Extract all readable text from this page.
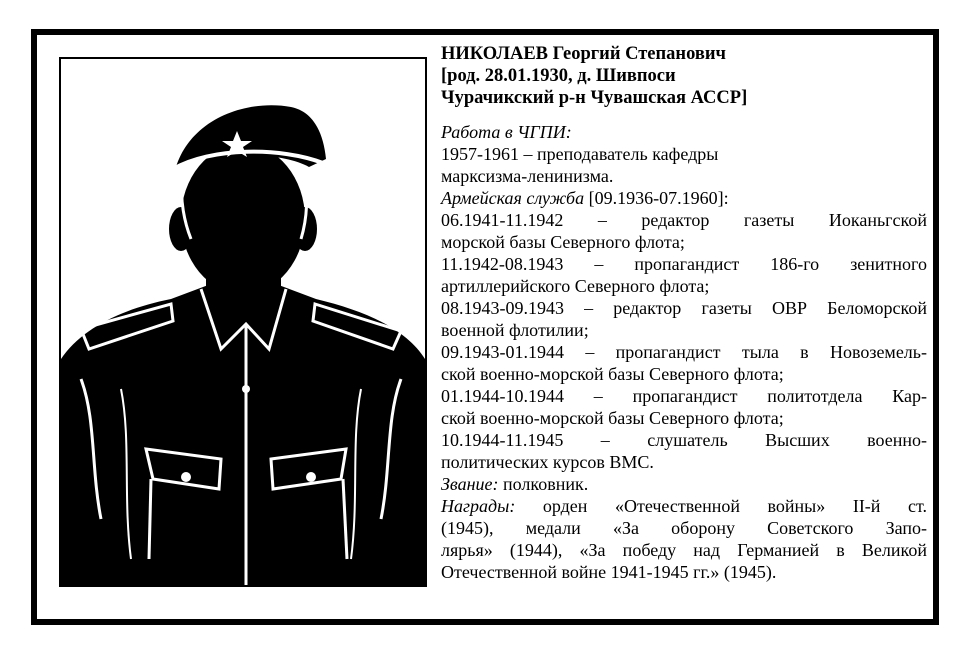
НИКОЛАЕВ Георгий Степанович

[род. 28.01.1930, д. Шивпоси

Чурачикский р-н Чувашская АССР]

Работа в ЧГПИ:

1957-1961 – преподаватель кафедры

марксизма-ленинизма.

Армейская служба [09.1936-07.1960]:

06.1941-11.1942 – редактор газеты Иоканьгской

морской базы Северного флота;

11.1942-08.1943 – пропагандист 186-го зенитного

артиллерийского Северного флота;

08.1943-09.1943 – редактор газеты ОВР Беломорской

военной флотилии;

09.1943-01.1944 – пропагандист тыла в Новоземель-

ской военно-морской базы Северного флота;

01.1944-10.1944 – пропагандист политотдела Кар-

ской военно-морской базы Северного флота;

10.1944-11.1945 – слушатель Высших военно-

политических курсов ВМС.

Звание: полковник.

Награды: орден «Отечественной войны» II-й ст.

(1945), медали «За оборону Советского Запо-

лярья» (1944), «За победу над Германией в Великой

Отечественной войне 1941-1945 гг.» (1945).
